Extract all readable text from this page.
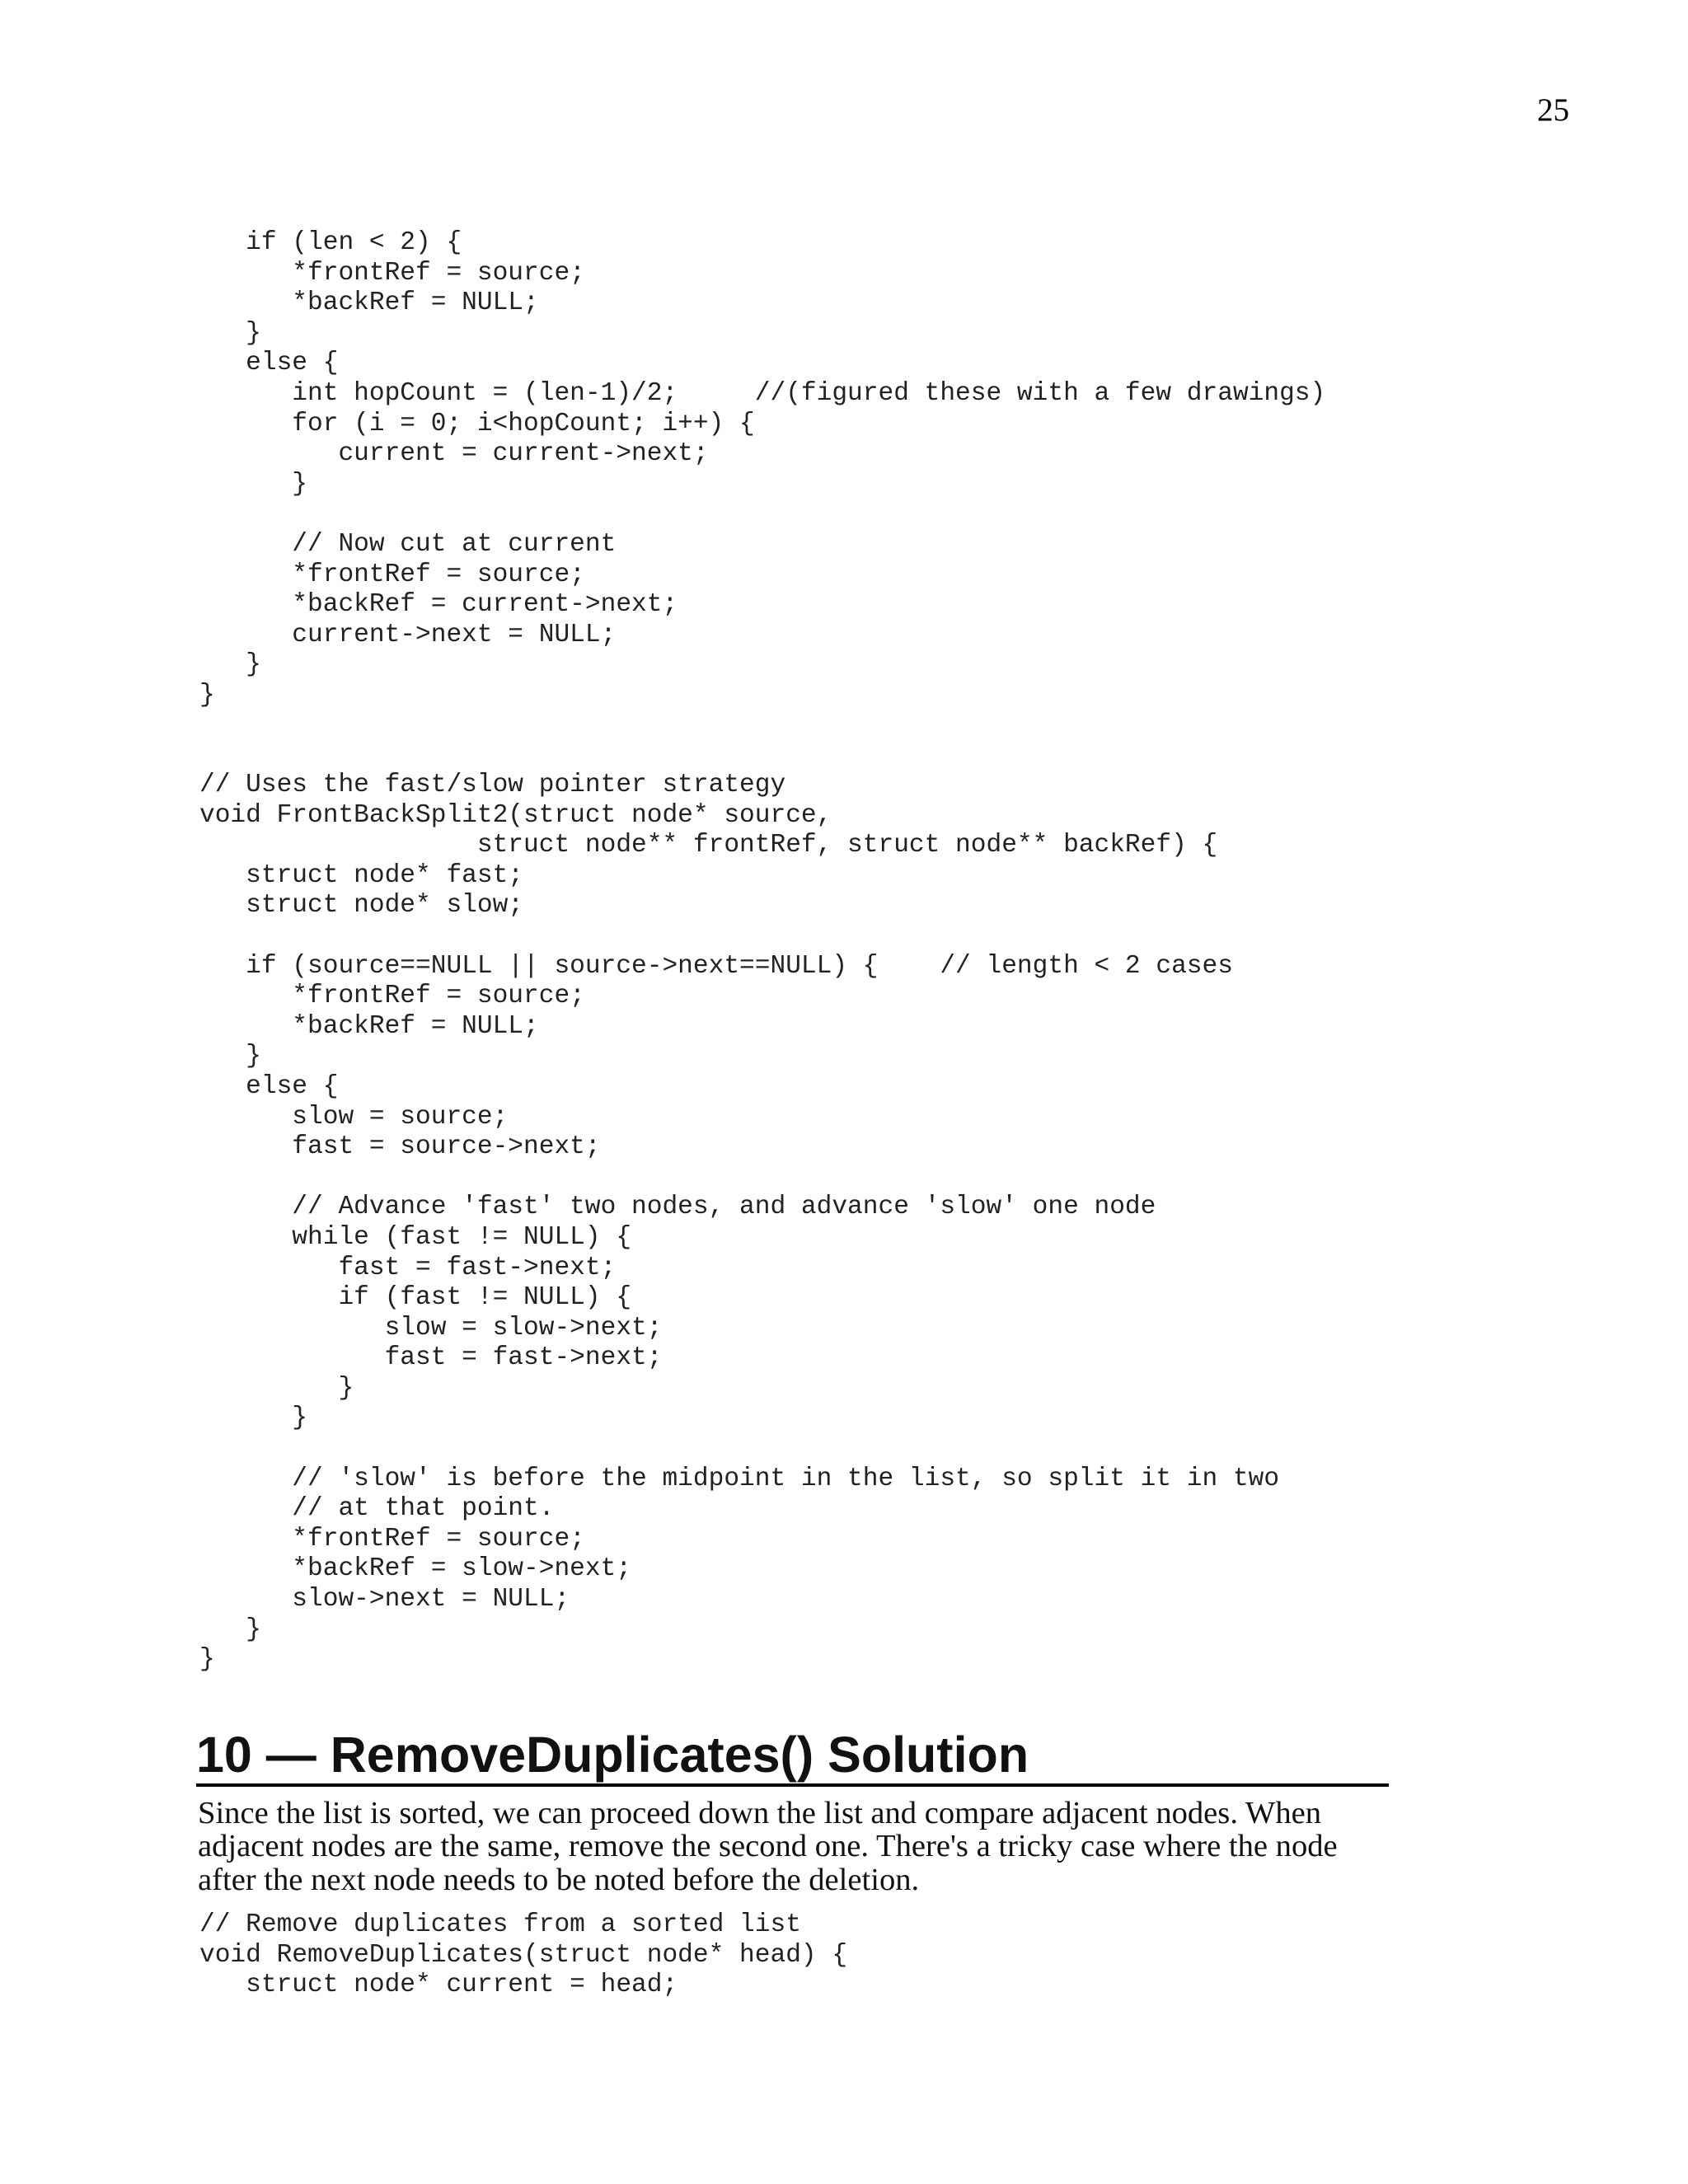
25
if (len < 2) {
*frontRef = source;
*backRef = NULL;
}
else {
int hopCount = (len-1)/2;     //(figured these with a few drawings)
for (i = 0; i<hopCount; i++) {
current = current->next;
}

// Now cut at current
*frontRef = source;
*backRef = current->next;
current->next = NULL;
}
}
// Uses the fast/slow pointer strategy
void FrontBackSplit2(struct node* source,
struct node** frontRef, struct node** backRef) {
struct node* fast;
struct node* slow;

if (source==NULL || source->next==NULL) {    // length < 2 cases
*frontRef = source;
*backRef = NULL;
}
else {
slow = source;
fast = source->next;

// Advance 'fast' two nodes, and advance 'slow' one node
while (fast != NULL) {
fast = fast->next;
if (fast != NULL) {
slow = slow->next;
fast = fast->next;
}
}

// 'slow' is before the midpoint in the list, so split it in two
// at that point.
*frontRef = source;
*backRef = slow->next;
slow->next = NULL;
}
}
10 — RemoveDuplicates() Solution

Since the list is sorted, we can proceed down the list and compare adjacent nodes. When adjacent nodes are the same, remove the second one. There's a tricky case where the node after the next node needs to be noted before the deletion.

// Remove duplicates from a sorted list
void RemoveDuplicates(struct node* head) {
struct node* current = head;
